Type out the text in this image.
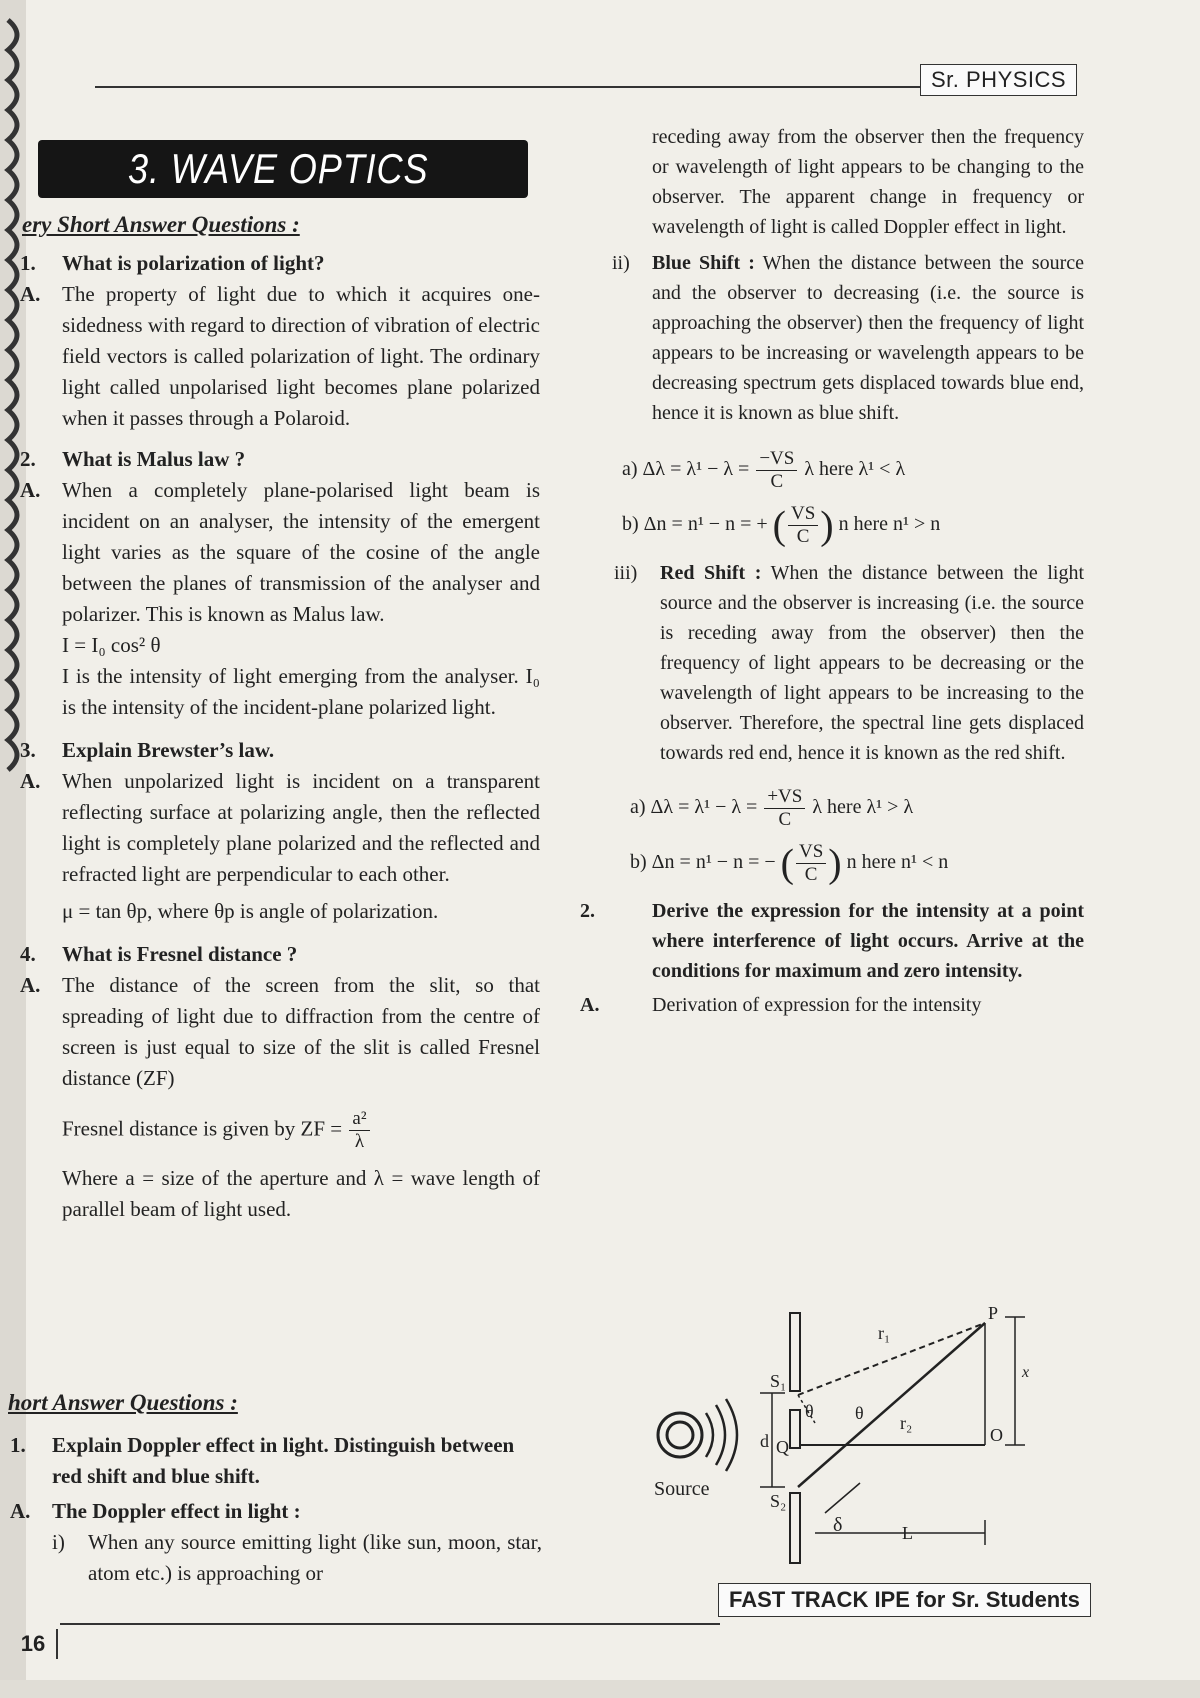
Sr. PHYSICS
3. WAVE OPTICS
ery Short Answer Questions :
1. What is polarization of light?
A. The property of light due to which it acquires one-sidedness with regard to direction of vibration of electric field vectors is called polarization of light. The ordinary light called unpolarised light becomes plane polarized when it passes through a Polaroid.

2. What is Malus law ?
A. When a completely plane-polarised light beam is incident on an analyser, the intensity of the emergent light varies as the square of the cosine of the angle between the planes of transmission of the analyser and polarizer. This is known as Malus law.

I = I₀ cos² θ

I is the intensity of light emerging from the analyser. I₀ is the intensity of the incident-plane polarized light.

3. Explain Brewster’s law.
A. When unpolarized light is incident on a transparent reflecting surface at polarizing angle, then the reflected light is completely plane polarized and the reflected and refracted light are perpendicular to each other.

μ = tan θp, where θp is angle of polarization.
4. What is Fresnel distance ?
A. The distance of the screen from the slit, so that spreading of light due to diffraction from the centre of screen is just equal to size of the slit is called Fresnel distance (ZF)

Fresnel distance is given by ZF = $\frac{\text{a²}}{\lambda}$

Where a = size of the aperture and λ = wave length of parallel beam of light used.

hort Answer Questions :
1. Explain Doppler effect in light. Distinguish between red shift and blue shift.
A. The Doppler effect in light :
i) When any source emitting light (like sun, moon, star, atom etc.) is approaching or

receding away from the observer then the frequency or wavelength of light appears to be changing to the observer. The apparent change in frequency or wavelength of light is called Doppler effect in light.

ii) Blue Shift : When the distance between the source and the observer to decreasing (i.e. the source is approaching the observer) then the frequency of light appears to be increasing or wavelength appears to be decreasing spectrum gets displaced towards blue end, hence it is known as blue shift.

a) $\Delta\lambda = \lambda^1 - \lambda = \frac{-VS}{C}$ λ here λ¹ < λ
b) Δn = n¹ − n = + ( $\frac{VS}{C}$ ) n here n¹ > n
iii) Red Shift : When the distance between the light source and the observer is increasing (i.e. the source is receding away from the observer) then the frequency of light appears to be decreasing or the wavelength of light appears to be increasing to the observer. Therefore, the spectral line gets displaced towards red end, hence it is known as the red shift.

a) $\Delta\lambda = \lambda^1 - \lambda = \frac{+VS}{C}$ λ here λ¹ > λ
b) Δn = n¹ − n = − ( $\frac{VS}{C}$ ) n here n¹ < n
2.	Derive the expression for the intensity at a point where interference of light occurs. Arrive at the conditions for maximum and zero intensity.

A.	Derivation of expression for the intensity

P
O
x
r₁
r₂
S₁
S₂
d Q
θ θ
δ	L
Source
FAST TRACK IPE for Sr. Students
16
